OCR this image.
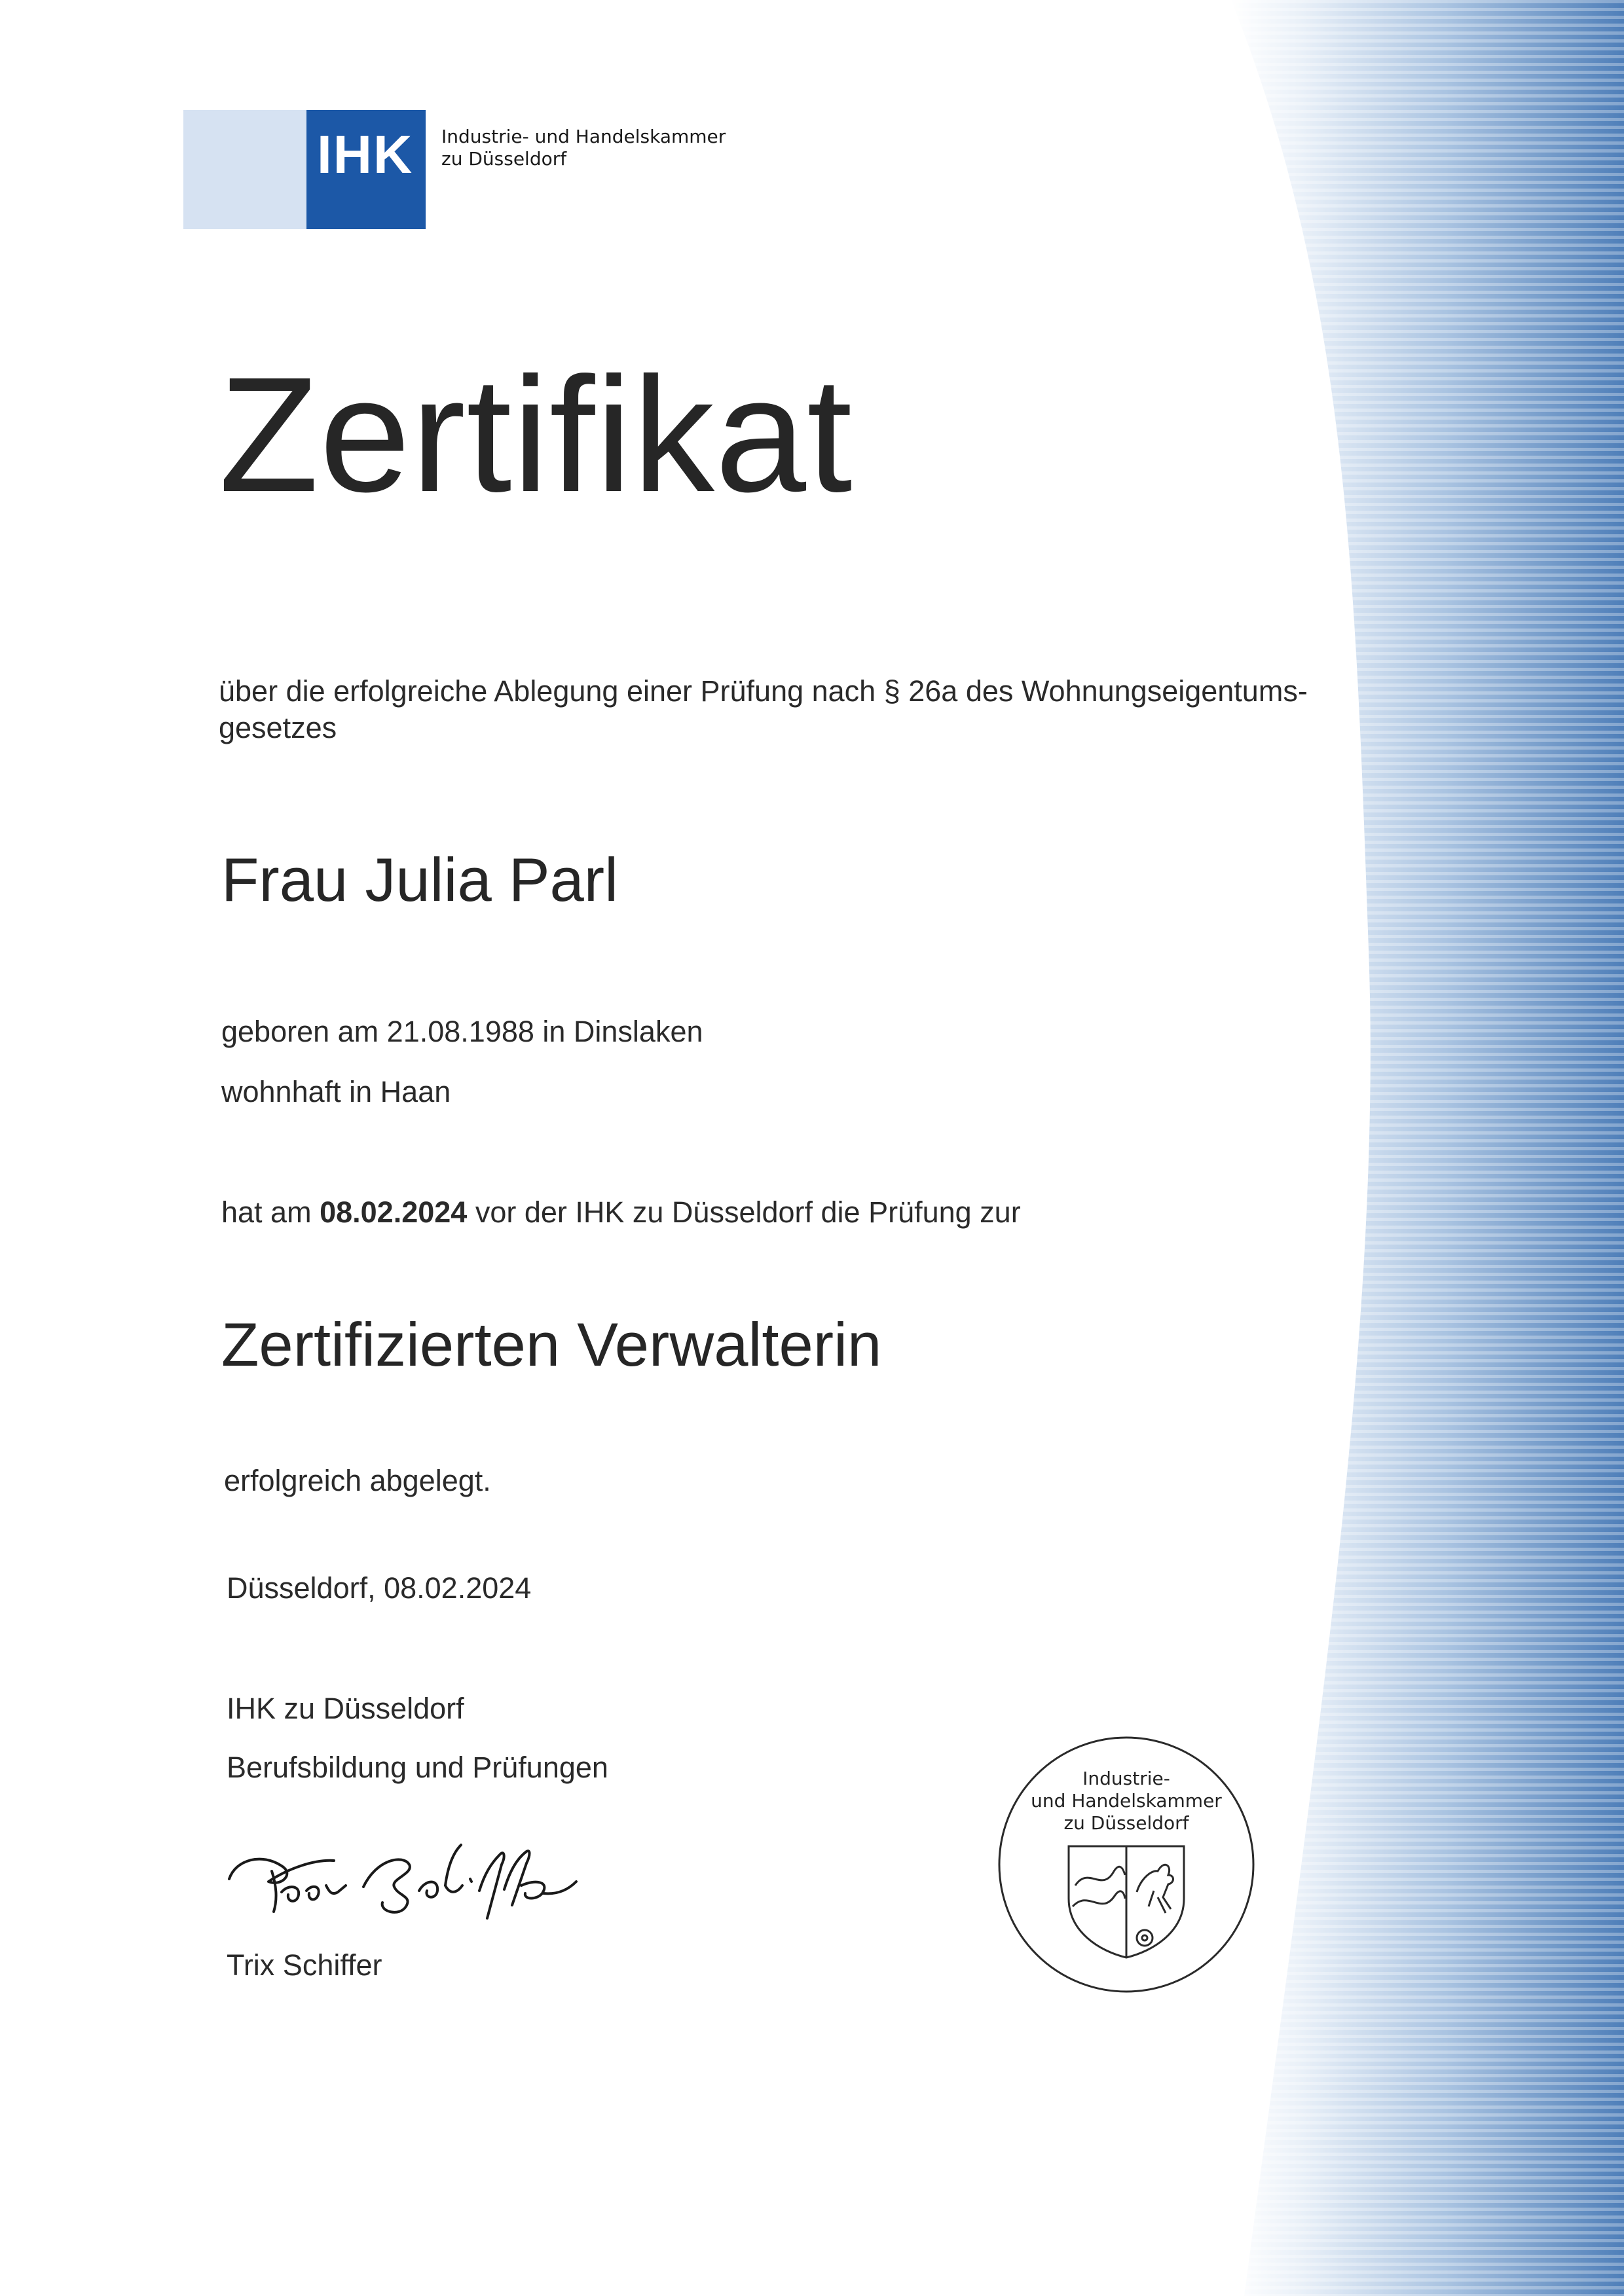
IHK Industrie- und Handelskammer
zu Düsseldorf
Zertifikat
über die erfolgreiche Ablegung einer Prüfung nach § 26a des Wohnungseigentums-
gesetzes
Frau Julia Parl
geboren am 21.08.1988 in Dinslaken
wohnhaft in Haan
hat am 08.02.2024 vor der IHK zu Düsseldorf die Prüfung zur
Zertifizierten Verwalterin
erfolgreich abgelegt.
Düsseldorf, 08.02.2024
IHK zu Düsseldorf
Berufsbildung und Prüfungen
Trix Schiffer
Industrie-
und Handelskammer
zu Düsseldorf
